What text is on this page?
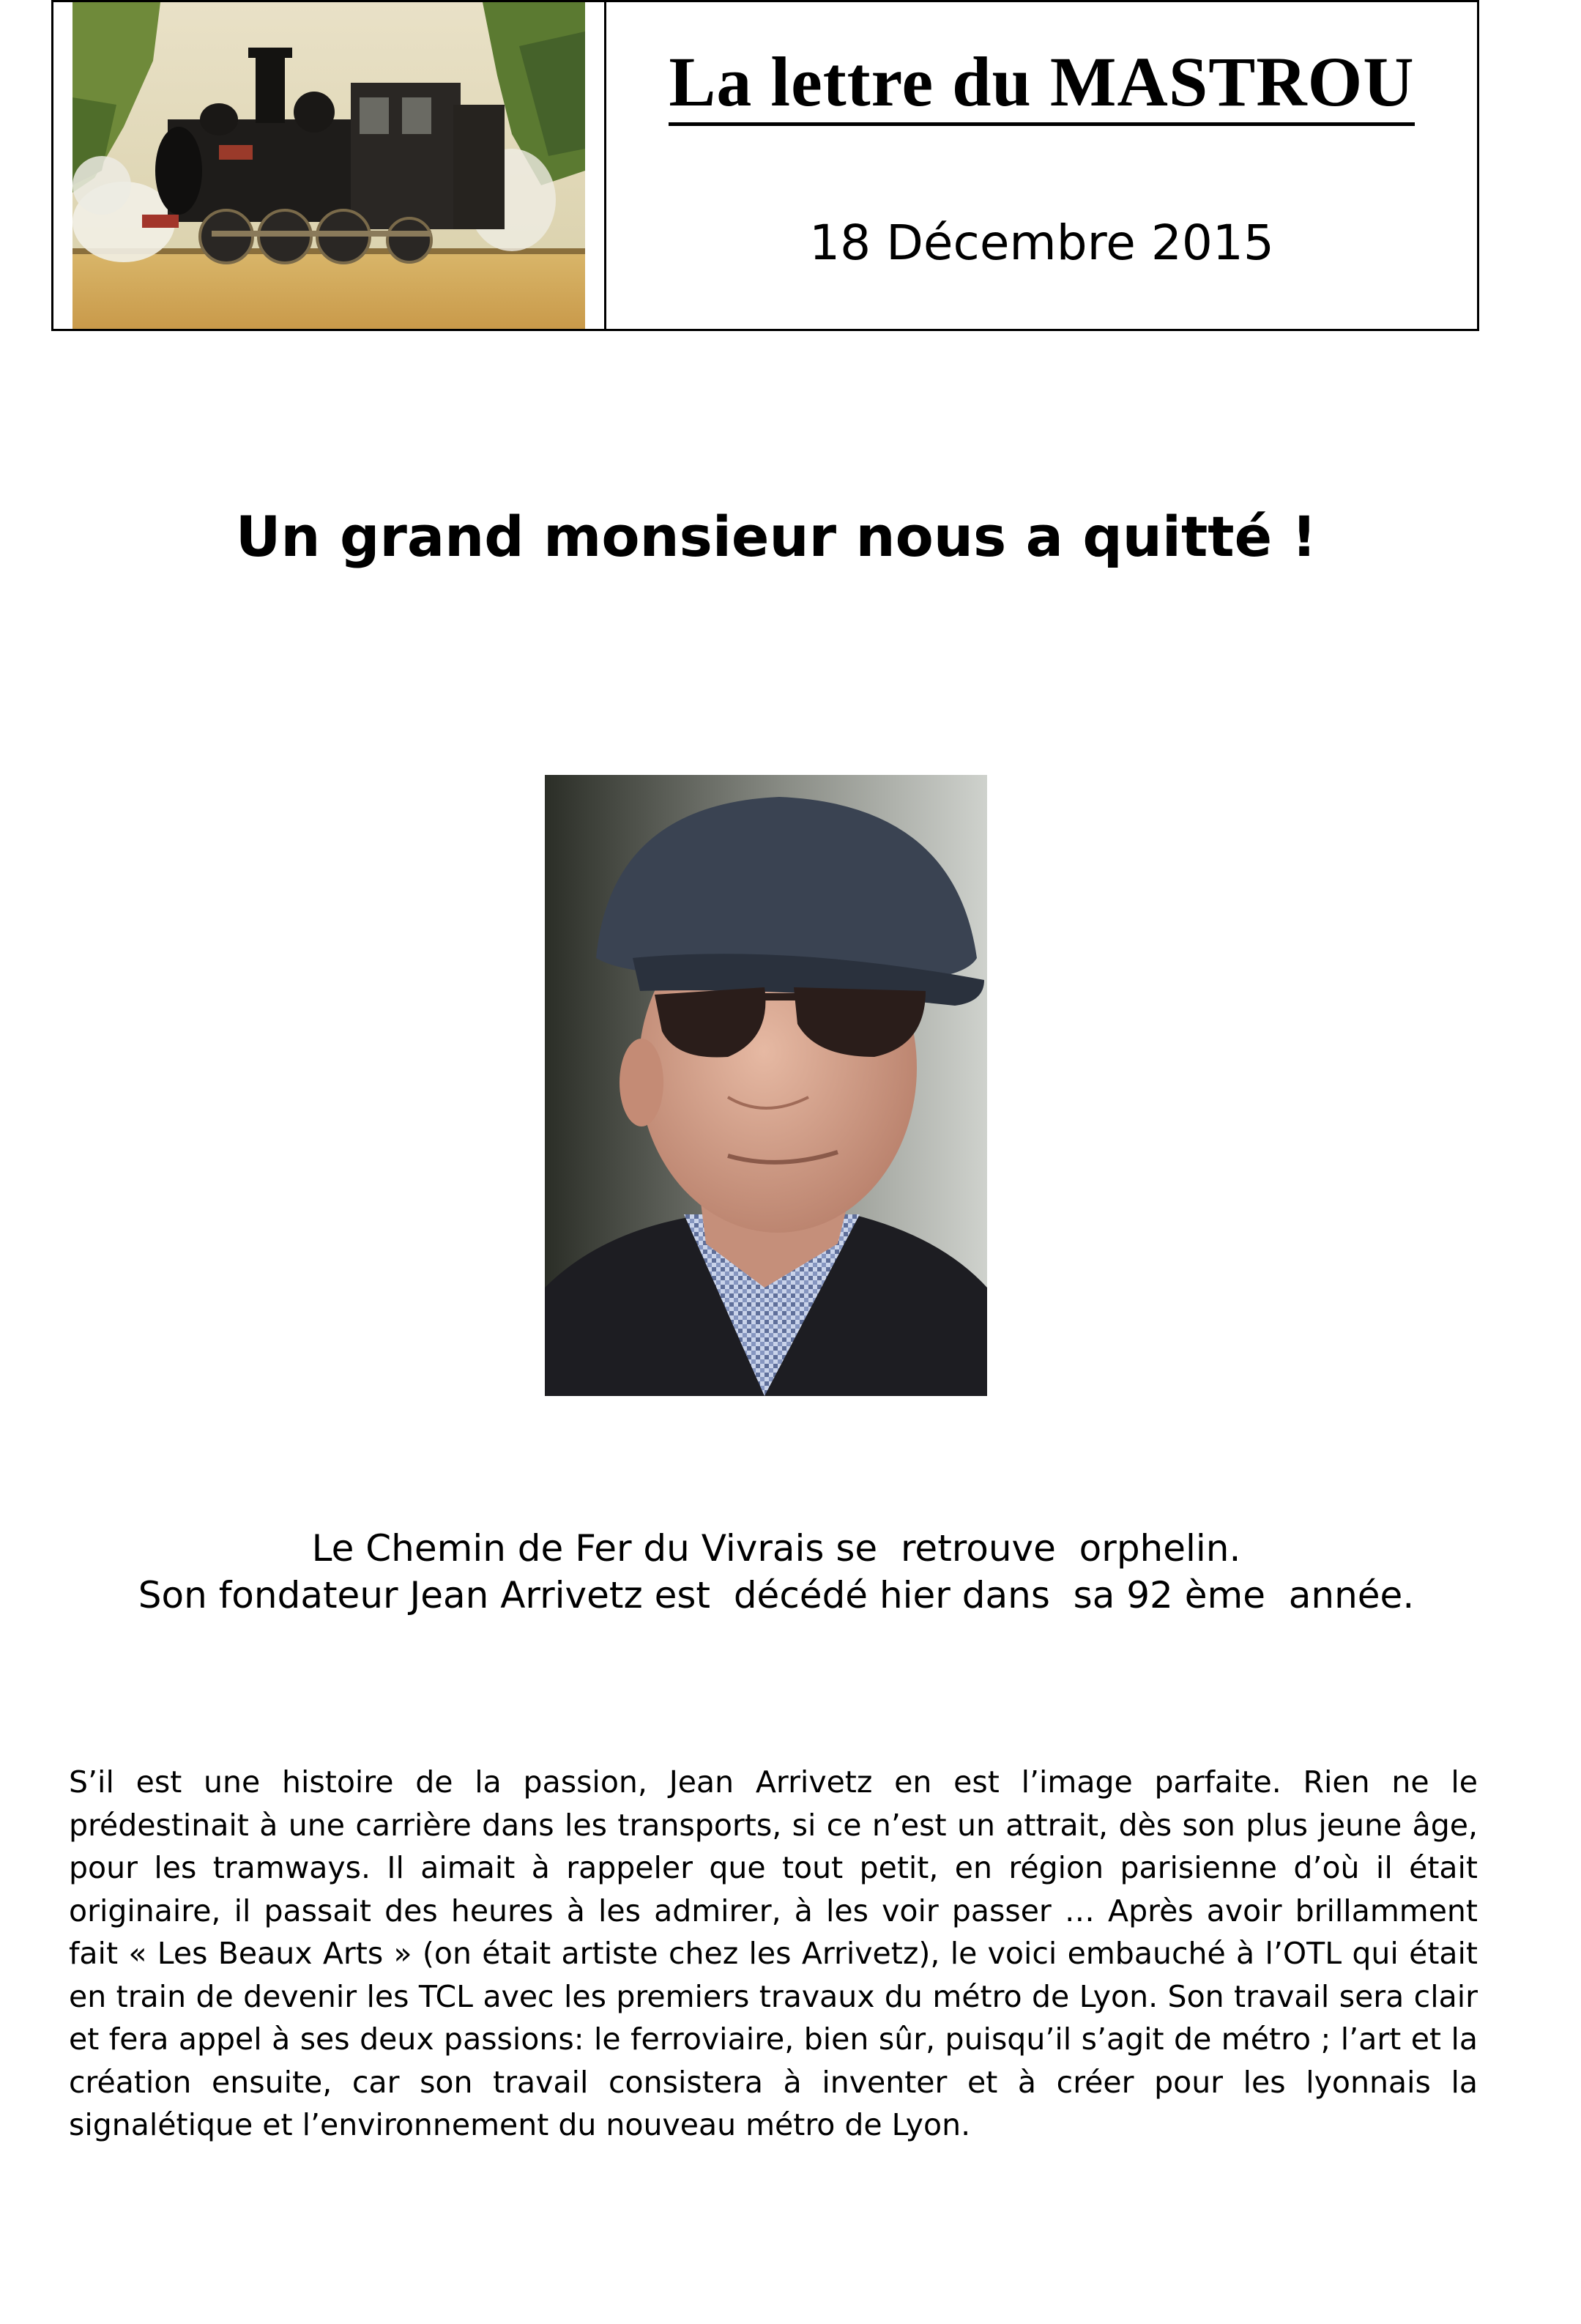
La lettre du MASTROU
18 Décembre 2015
Un grand monsieur nous a quitté !
Le Chemin de Fer du Vivrais se  retrouve  orphelin.
Son fondateur Jean Arrivetz est  décédé hier dans  sa 92 ème  année.
S’il est une histoire de la passion, Jean Arrivetz en est l’image parfaite. Rien ne le prédestinait à une carrière dans les transports, si ce n’est un attrait, dès son plus jeune âge, pour les tramways. Il aimait à rappeler que tout petit, en région parisienne d’où il était originaire, il passait des heures à les admirer, à les voir passer … Après avoir brillamment fait « Les Beaux Arts » (on était artiste chez les Arrivetz), le voici embauché à l’OTL qui était en train de devenir les TCL avec les premiers travaux du métro de Lyon. Son travail sera clair et fera appel à ses deux passions: le ferroviaire, bien sûr, puisqu’il s’agit de métro ; l’art et la création ensuite, car son travail consistera à inventer et à créer pour les lyonnais la signalétique et l’environnement du nouveau métro de Lyon.
